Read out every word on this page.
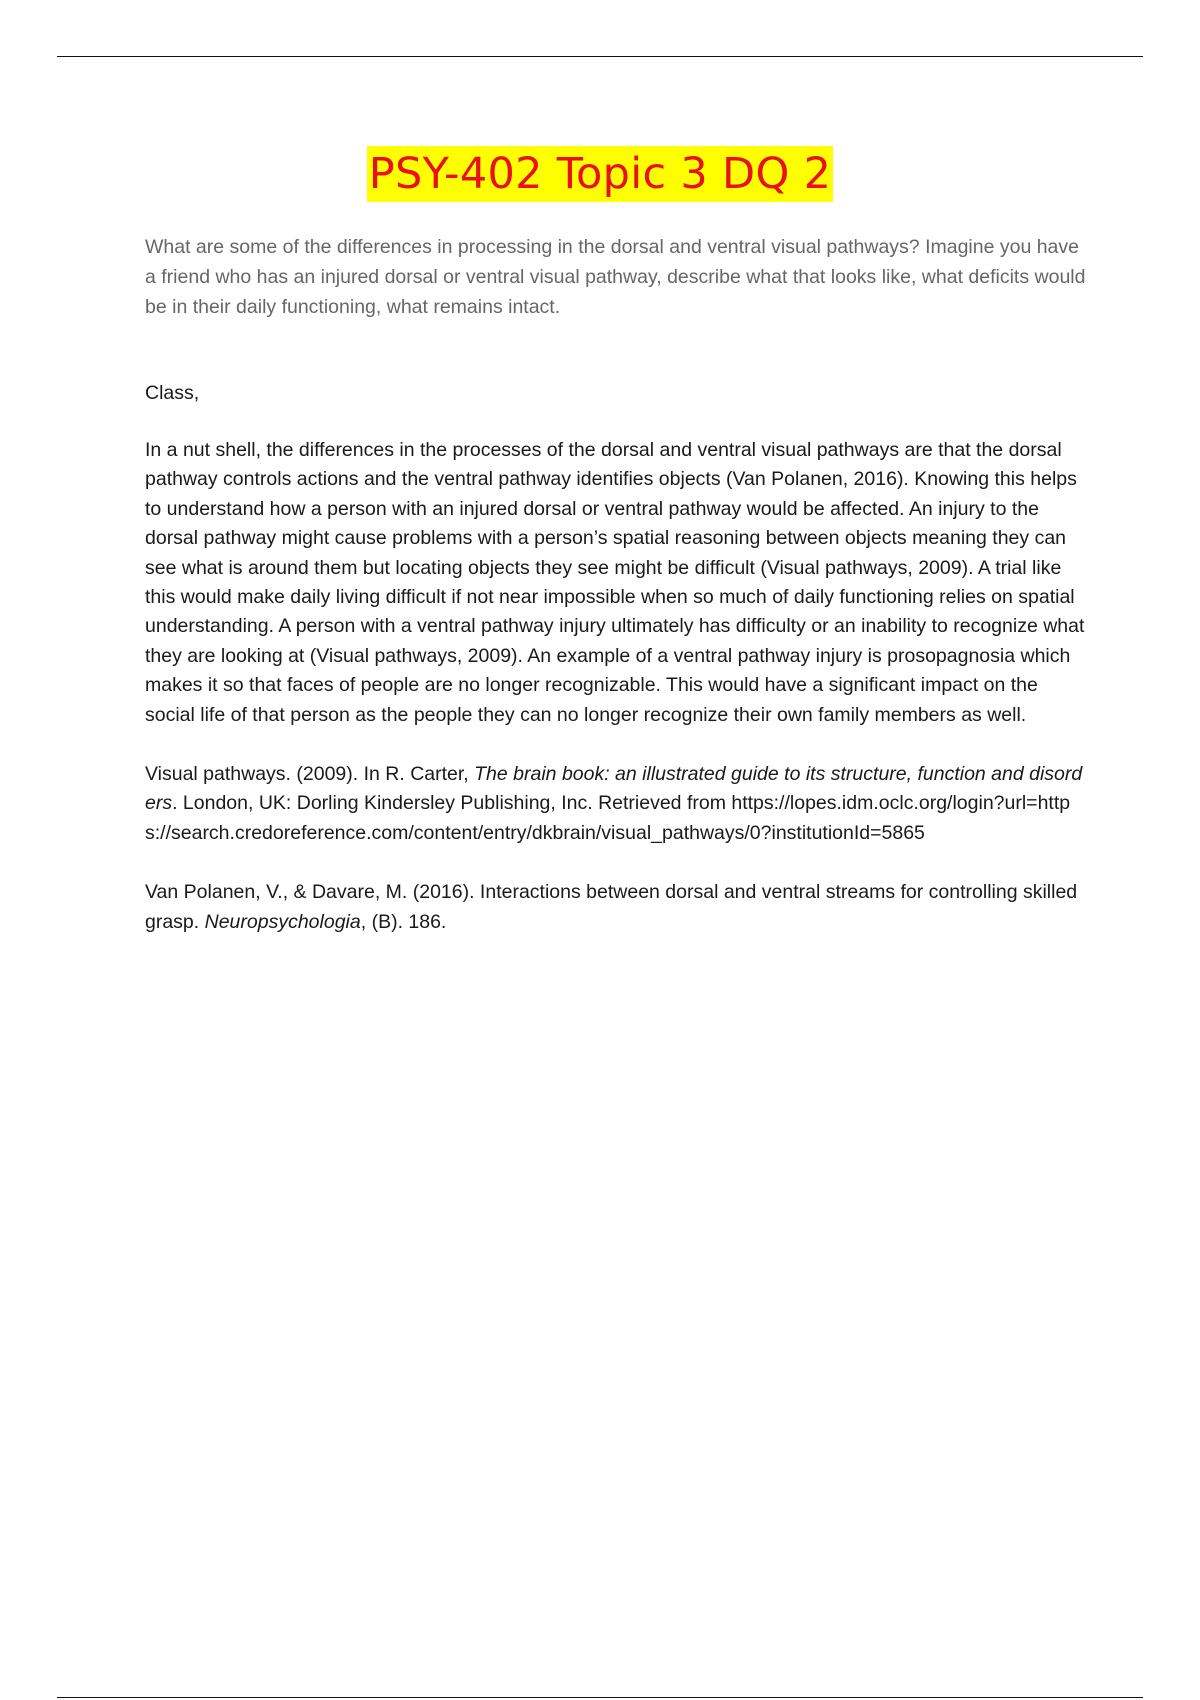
PSY-402 Topic 3 DQ 2

What are some of the differences in processing in the dorsal and ventral visual pathways? Imagine you have a friend who has an injured dorsal or ventral visual pathway, describe what that looks like, what deficits would be in their daily functioning, what remains intact.

Class,

In a nut shell, the differences in the processes of the dorsal and ventral visual pathways are that the dorsal pathway controls actions and the ventral pathway identifies objects (Van Polanen, 2016). Knowing this helps to understand how a person with an injured dorsal or ventral pathway would be affected. An injury to the dorsal pathway might cause problems with a person’s spatial reasoning between objects meaning they can see what is around them but locating objects they see might be difficult (Visual pathways, 2009). A trial like this would make daily living difficult if not near impossible when so much of daily functioning relies on spatial understanding. A person with a ventral pathway injury ultimately has difficulty or an inability to recognize what they are looking at (Visual pathways, 2009). An example of a ventral pathway injury is prosopagnosia which makes it so that faces of people are no longer recognizable. This would have a significant impact on the social life of that person as the people they can no longer recognize their own family members as well.

Visual pathways. (2009). In R. Carter, The brain book: an illustrated guide to its structure, function and disorders. London, UK: Dorling Kindersley Publishing, Inc. Retrieved from https://lopes.idm.oclc.org/login?url=https://search.credoreference.com/content/entry/dkbrain/visual_pathways/0?institutionId=5865

Van Polanen, V., & Davare, M. (2016). Interactions between dorsal and ventral streams for controlling skilled grasp. Neuropsychologia, (B). 186.
